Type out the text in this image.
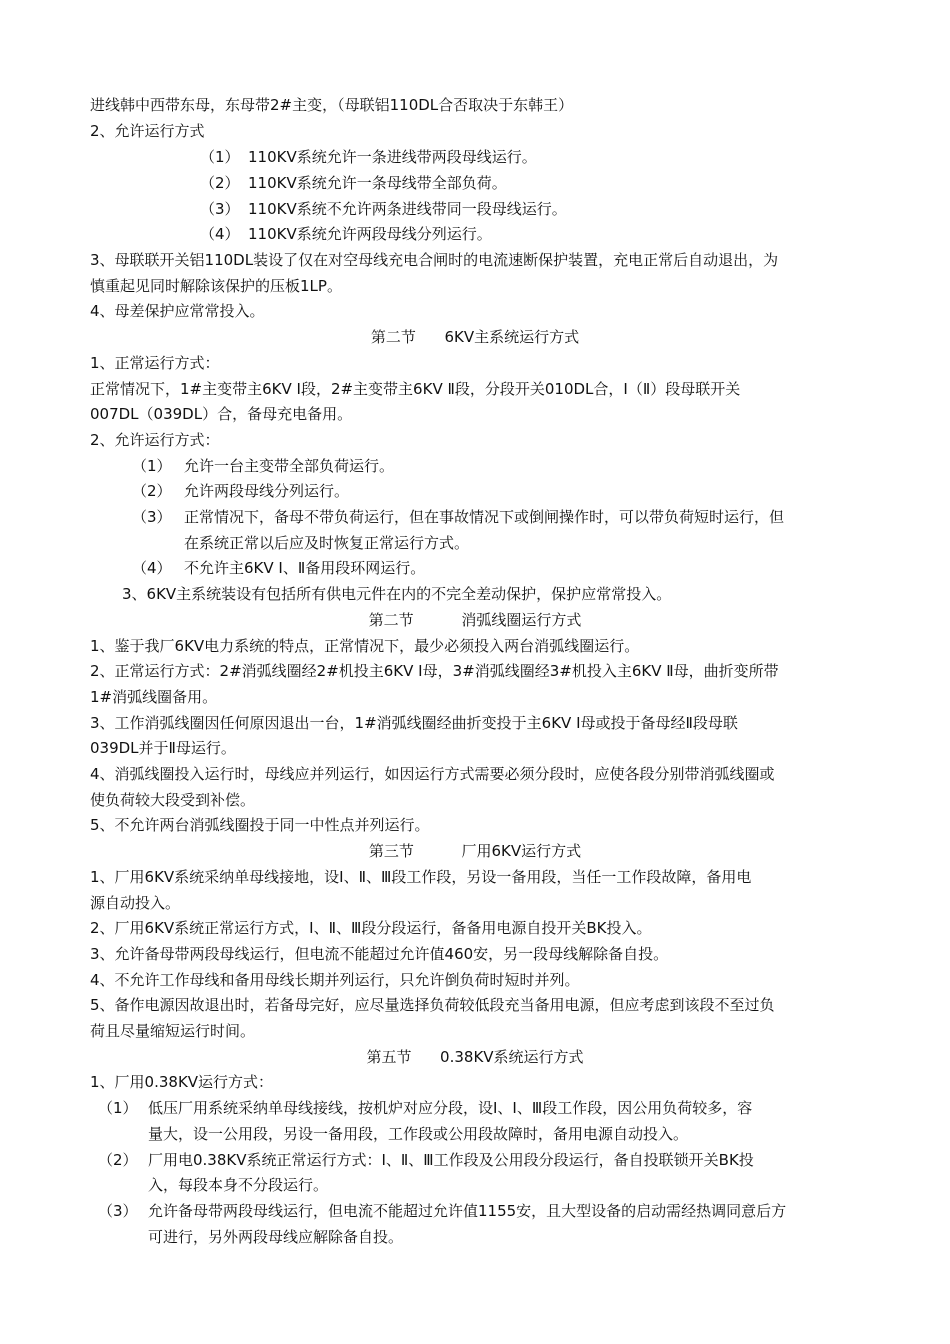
进线韩中西带东母，东母带2#主变，（母联铝110DL合否取决于东韩王）
2、允许运行方式
（1） 110KV系统允许一条进线带两段母线运行。
（2） 110KV系统允许一条母线带全部负荷。
（3） 110KV系统不允许两条进线带同一段母线运行。
（4） 110KV系统允许两段母线分列运行。
3、母联联开关铝110DL装设了仅在对空母线充电合闸时的电流速断保护装置，充电正常后自动退出，为
慎重起见同时解除该保护的压板1LP。
4、母差保护应常常投入。
第二节      6KV主系统运行方式
1、正常运行方式：
正常情况下，1#主变带主6KV Ⅰ段，2#主变带主6KV Ⅱ段，分段开关010DL合，Ⅰ（Ⅱ）段母联开关
007DL（039DL）合，备母充电备用。
2、允许运行方式：
（1） 允许一台主变带全部负荷运行。
（2） 允许两段母线分列运行。
（3） 正常情况下，备母不带负荷运行，但在事故情况下或倒闸操作时，可以带负荷短时运行，但
在系统正常以后应及时恢复正常运行方式。
（4） 不允许主6KV Ⅰ、Ⅱ备用段环网运行。
3、6KV主系统装设有包括所有供电元件在内的不完全差动保护，保护应常常投入。
第二节          消弧线圈运行方式
1、鉴于我厂6KV电力系统的特点，正常情况下，最少必须投入两台消弧线圈运行。
2、正常运行方式：2#消弧线圈经2#机投主6KV Ⅰ母，3#消弧线圈经3#机投入主6KV Ⅱ母，曲折变所带
1#消弧线圈备用。
3、工作消弧线圈因任何原因退出一台，1#消弧线圈经曲折变投于主6KV Ⅰ母或投于备母经Ⅱ段母联
039DL并于Ⅱ母运行。
4、消弧线圈投入运行时，母线应并列运行，如因运行方式需要必须分段时，应使各段分别带消弧线圈或
使负荷较大段受到补偿。
5、不允许两台消弧线圈投于同一中性点并列运行。
第三节          厂用6KV运行方式
1、厂用6KV系统采纳单母线接地，设Ⅰ、Ⅱ、Ⅲ段工作段，另设一备用段，当任一工作段故障，备用电
源自动投入。
2、厂用6KV系统正常运行方式，Ⅰ、Ⅱ、Ⅲ段分段运行，备备用电源自投开关BK投入。
3、允许备母带两段母线运行，但电流不能超过允许值460安，另一段母线解除备自投。
4、不允许工作母线和备用母线长期并列运行，只允许倒负荷时短时并列。
5、备作电源因故退出时，若备母完好，应尽量选择负荷较低段充当备用电源，但应考虑到该段不至过负
荷且尽量缩短运行时间。
第五节      0.38KV系统运行方式
1、厂用0.38KV运行方式：
（1） 低压厂用系统采纳单母线接线，按机炉对应分段，设Ⅰ、Ⅰ、Ⅲ段工作段，因公用负荷较多，容
量大，设一公用段，另设一备用段，工作段或公用段故障时，备用电源自动投入。
（2） 厂用电0.38KV系统正常运行方式：Ⅰ、Ⅱ、Ⅲ工作段及公用段分段运行，备自投联锁开关BK投
入，每段本身不分段运行。
（3） 允许备母带两段母线运行，但电流不能超过允许值1155安，且大型设备的启动需经热调同意后方
可进行，另外两段母线应解除备自投。
